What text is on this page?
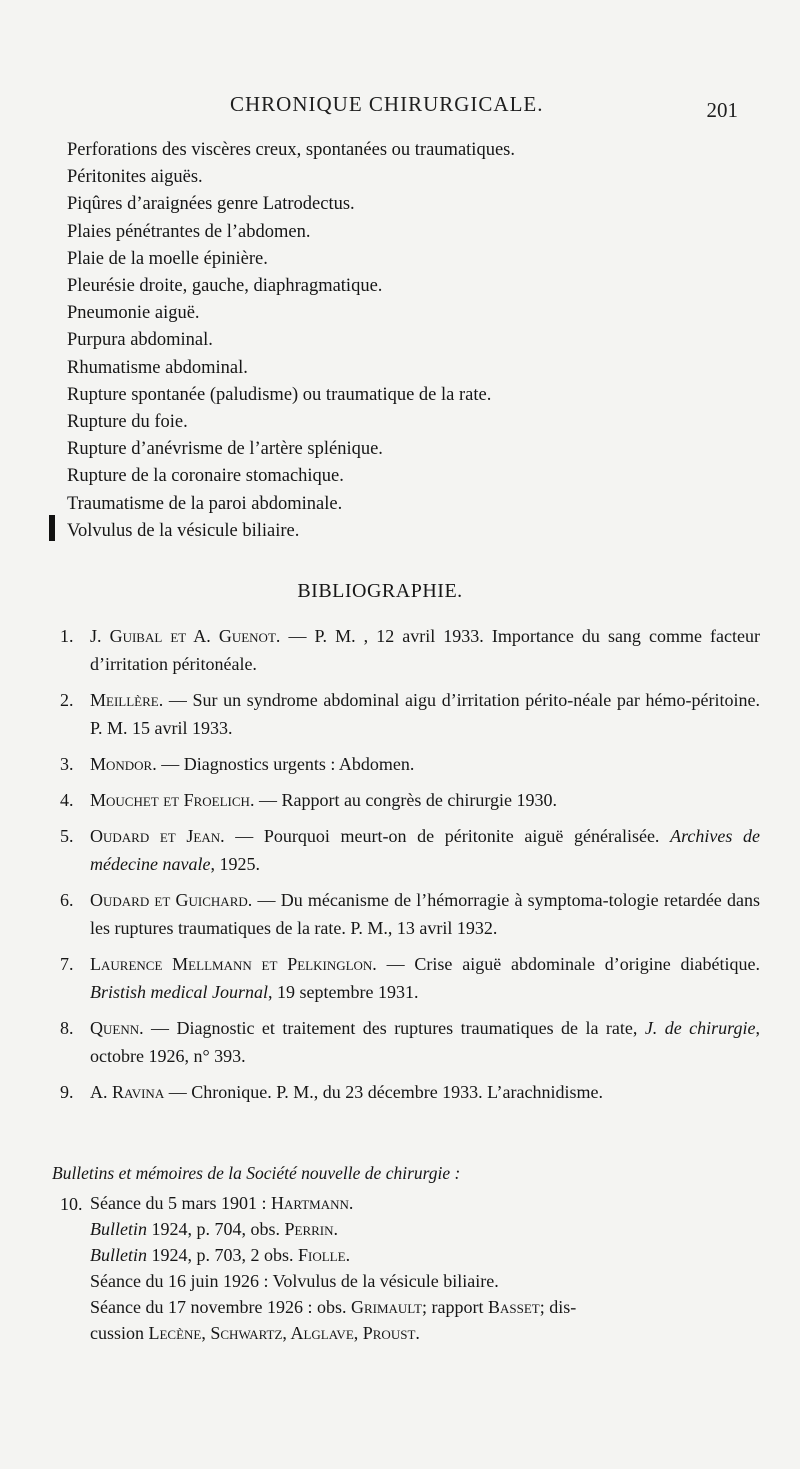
CHRONIQUE CHIRURGICALE.	201
Perforations des viscères creux, spontanées ou traumatiques.
Péritonites aiguës.
Piqûres d’araignées genre Latrodectus.
Plaies pénétrantes de l’abdomen.
Plaie de la moelle épinière.
Pleurésie droite, gauche, diaphragmatique.
Pneumonie aiguë.
Purpura abdominal.
Rhumatisme abdominal.
Rupture spontanée (paludisme) ou traumatique de la rate.
Rupture du foie.
Rupture d’anévrisme de l’artère splénique.
Rupture de la coronaire stomachique.
Traumatisme de la paroi abdominale.
Volvulus de la vésicule biliaire.
BIBLIOGRAPHIE.
1. J. Guibal et A. Guenot. — P. M. , 12 avril 1933. Importance du sang comme facteur d’irritation péritonéale.
2. Meillère. — Sur un syndrome abdominal aigu d’irritation périto-néale par hémo-péritoine. P. M. 15 avril 1933.
3. Mondor. — Diagnostics urgents : Abdomen.
4. Mouchet et Froelich. — Rapport au congrès de chirurgie 1930.
5. Oudard et Jean. — Pourquoi meurt-on de péritonite aiguë généralisée. Archives de médecine navale, 1925.
6. Oudard et Guichard. — Du mécanisme de l’hémorragie à symptoma-tologie retardée dans les ruptures traumatiques de la rate. P. M., 13 avril 1932.
7. Laurence Mellmann et Pelkinglon. — Crise aiguë abdominale d’origine diabétique. Bristish medical Journal, 19 septembre 1931.
8. Quenn. — Diagnostic et traitement des ruptures traumatiques de la rate, J. de chirurgie, octobre 1926, n° 393.
9. A. Ravina — Chronique. P. M., du 23 décembre 1933. L’arachnidisme.
Bulletins et mémoires de la Société nouvelle de chirurgie :
10. Séance du 5 mars 1901 : Hartmann.
Bulletin 1924, p. 704, obs. Perrin.
Bulletin 1924, p. 703, 2 obs. Fiolle.
Séance du 16 juin 1926 : Volvulus de la vésicule biliaire.
Séance du 17 novembre 1926 : obs. Grimault; rapport Basset; dis-
cussion Lecène, Schwartz, Alglave, Proust.
